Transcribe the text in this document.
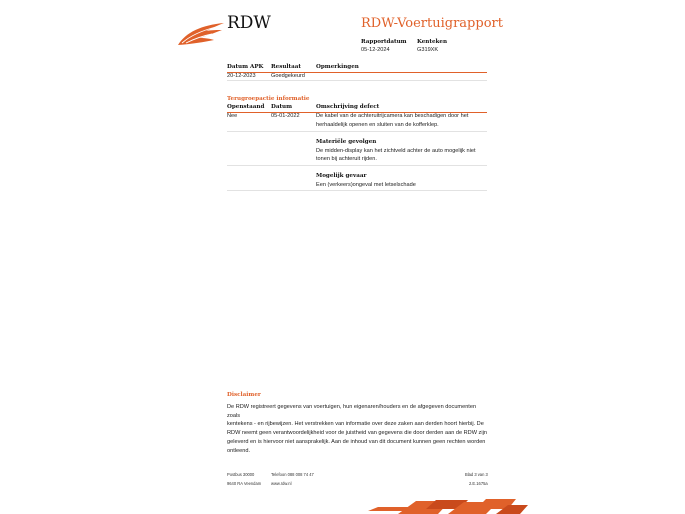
RDW	RDW-Voertuigrapport
Rapportdatum
05-12-2024
Kenteken
G319XK
Datum APK Resultaat	Opmerkingen
20-12-2023	Goedgekeurd
Terugroepactie informatie
Openstaand Datum	Omschrijving defect
Nee	05-01-2022	De kabel van de achteruitrijcamera kan beschadigen door het
herhaaldelijk openen en sluiten van de kofferklep.
Materiële gevolgen
De midden-display kan het zichtveld achter de auto mogelijk niet
tonen bij achteruit rijden.
Mogelijk gevaar
Een (verkeers)ongeval met letselschade
Disclaimer
De RDW registreert gegevens van voertuigen, hun eigenaren/houders en de afgegeven documenten zoals
kentekens - en rijbewijzen. Het verstrekken van informatie over deze zaken aan derden hoort hierbij. De
RDW neemt geen verantwoordelijkheid voor de juistheid van gegevens die door derden aan de RDW zijn
geleverd en is hiervoor niet aansprakelijk. Aan de inhoud van dit document kunnen geen rechten worden
ontleend.
Postbus 30000
9640 RA Veendam
Telefoon 088 008 74 47
www.rdw.nl
Blad 3 van 3
2.E.1675a
